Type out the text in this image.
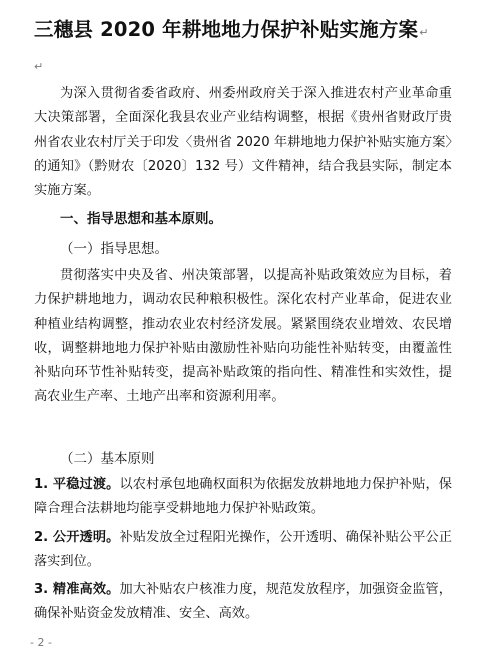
三穗县 2020 年耕地地力保护补贴实施方案↵
↵
为深入贯彻省委省政府、州委州政府关于深入推进农村产业革命重大决策部署，全面深化我县农业产业结构调整，根据《贵州省财政厅贵州省农业农村厅关于印发〈贵州省 2020 年耕地地力保护补贴实施方案〉的通知》（黔财农〔2020〕132 号）文件精神，结合我县实际，制定本实施方案。
一、指导思想和基本原则。
（一）指导思想。
贯彻落实中央及省、州决策部署，以提高补贴政策效应为目标，着力保护耕地地力，调动农民种粮积极性。深化农村产业革命，促进农业种植业结构调整，推动农业农村经济发展。紧紧围绕农业增效、农民增收，调整耕地地力保护补贴由激励性补贴向功能性补贴转变，由覆盖性补贴向环节性补贴转变，提高补贴政策的指向性、精准性和实效性，提高农业生产率、土地产出率和资源利用率。
（二）基本原则
1. 平稳过渡。以农村承包地确权面积为依据发放耕地地力保护补贴，保障合理合法耕地均能享受耕地地力保护补贴政策。
2. 公开透明。补贴发放全过程阳光操作，公开透明、确保补贴公平公正落实到位。
3. 精准高效。加大补贴农户核准力度，规范发放程序，加强资金监管，确保补贴资金发放精准、安全、高效。
- 2 -
